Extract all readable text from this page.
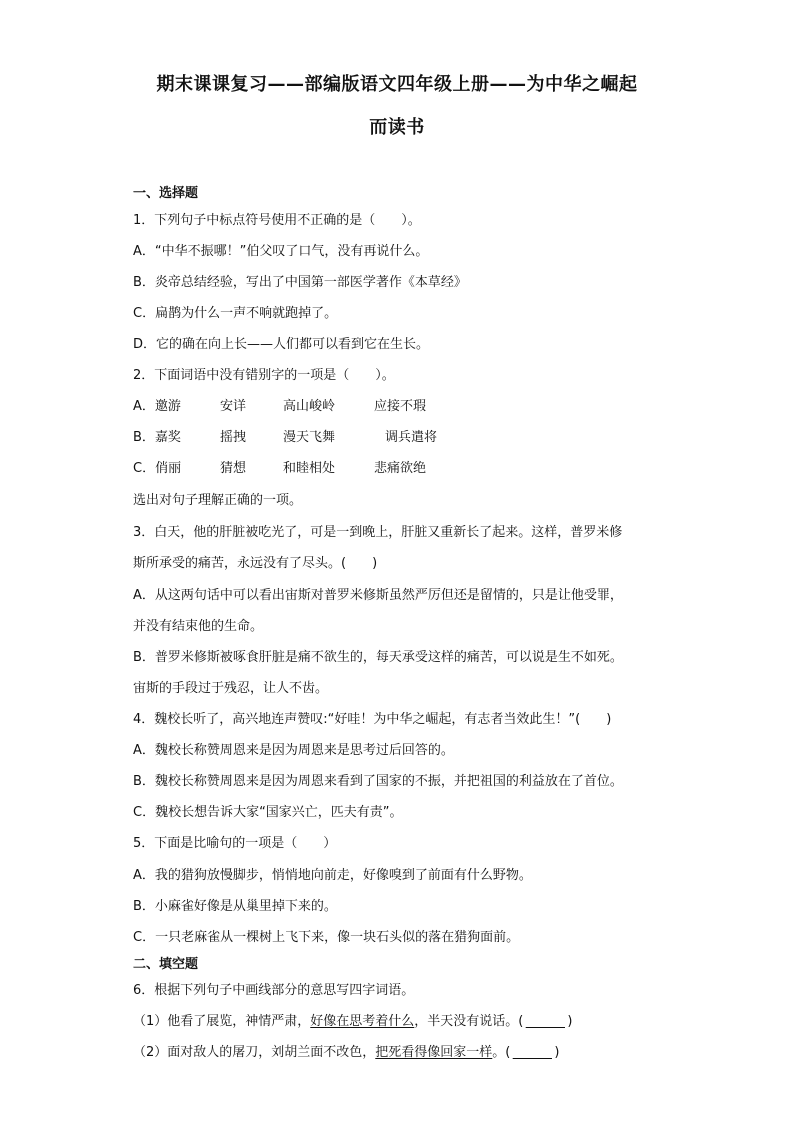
期末课课复习——部编版语文四年级上册——为中华之崛起
而读书
一、选择题
1．下列句子中标点符号使用不正确的是（　　）。
A．“中华不振哪！”伯父叹了口气，没有再说什么。
B．炎帝总结经验，写出了中国第一部医学著作《本草经》
C．扁鹊为什么一声不响就跑掉了。
D．它的确在向上长——人们都可以看到它在生长。
2．下面词语中没有错别字的一项是（　　）。
A．邀游	安详	高山峻岭	应接不瑕
B．嘉奖	摇拽	漫天飞舞	调兵遣将
C．俏丽	猜想	和睦相处	悲痛欲绝
选出对句子理解正确的一项。
3．白天，他的肝脏被吃光了，可是一到晚上，肝脏又重新长了起来。这样，普罗米修
斯所承受的痛苦，永远没有了尽头。(　　)
A．从这两句话中可以看出宙斯对普罗米修斯虽然严厉但还是留情的，只是让他受罪，
并没有结束他的生命。
B．普罗米修斯被啄食肝脏是痛不欲生的，每天承受这样的痛苦，可以说是生不如死。
宙斯的手段过于残忍，让人不齿。
4．魏校长听了，高兴地连声赞叹:“好哇！为中华之崛起，有志者当效此生！”(　　)
A．魏校长称赞周恩来是因为周恩来是思考过后回答的。
B．魏校长称赞周恩来是因为周恩来看到了国家的不振，并把祖国的利益放在了首位。
C．魏校长想告诉大家“国家兴亡，匹夫有责”。
5．下面是比喻句的一项是（　　）
A．我的猎狗放慢脚步，悄悄地向前走，好像嗅到了前面有什么野物。
B．小麻雀好像是从巢里掉下来的。
C．一只老麻雀从一棵树上飞下来，像一块石头似的落在猎狗面前。
二、填空题
6．根据下列句子中画线部分的意思写四字词语。
（1）他看了展览，神情严肃，好像在思考着什么，半天没有说话。( ______ )
（2）面对敌人的屠刀，刘胡兰面不改色，把死看得像回家一样。( ______ )
